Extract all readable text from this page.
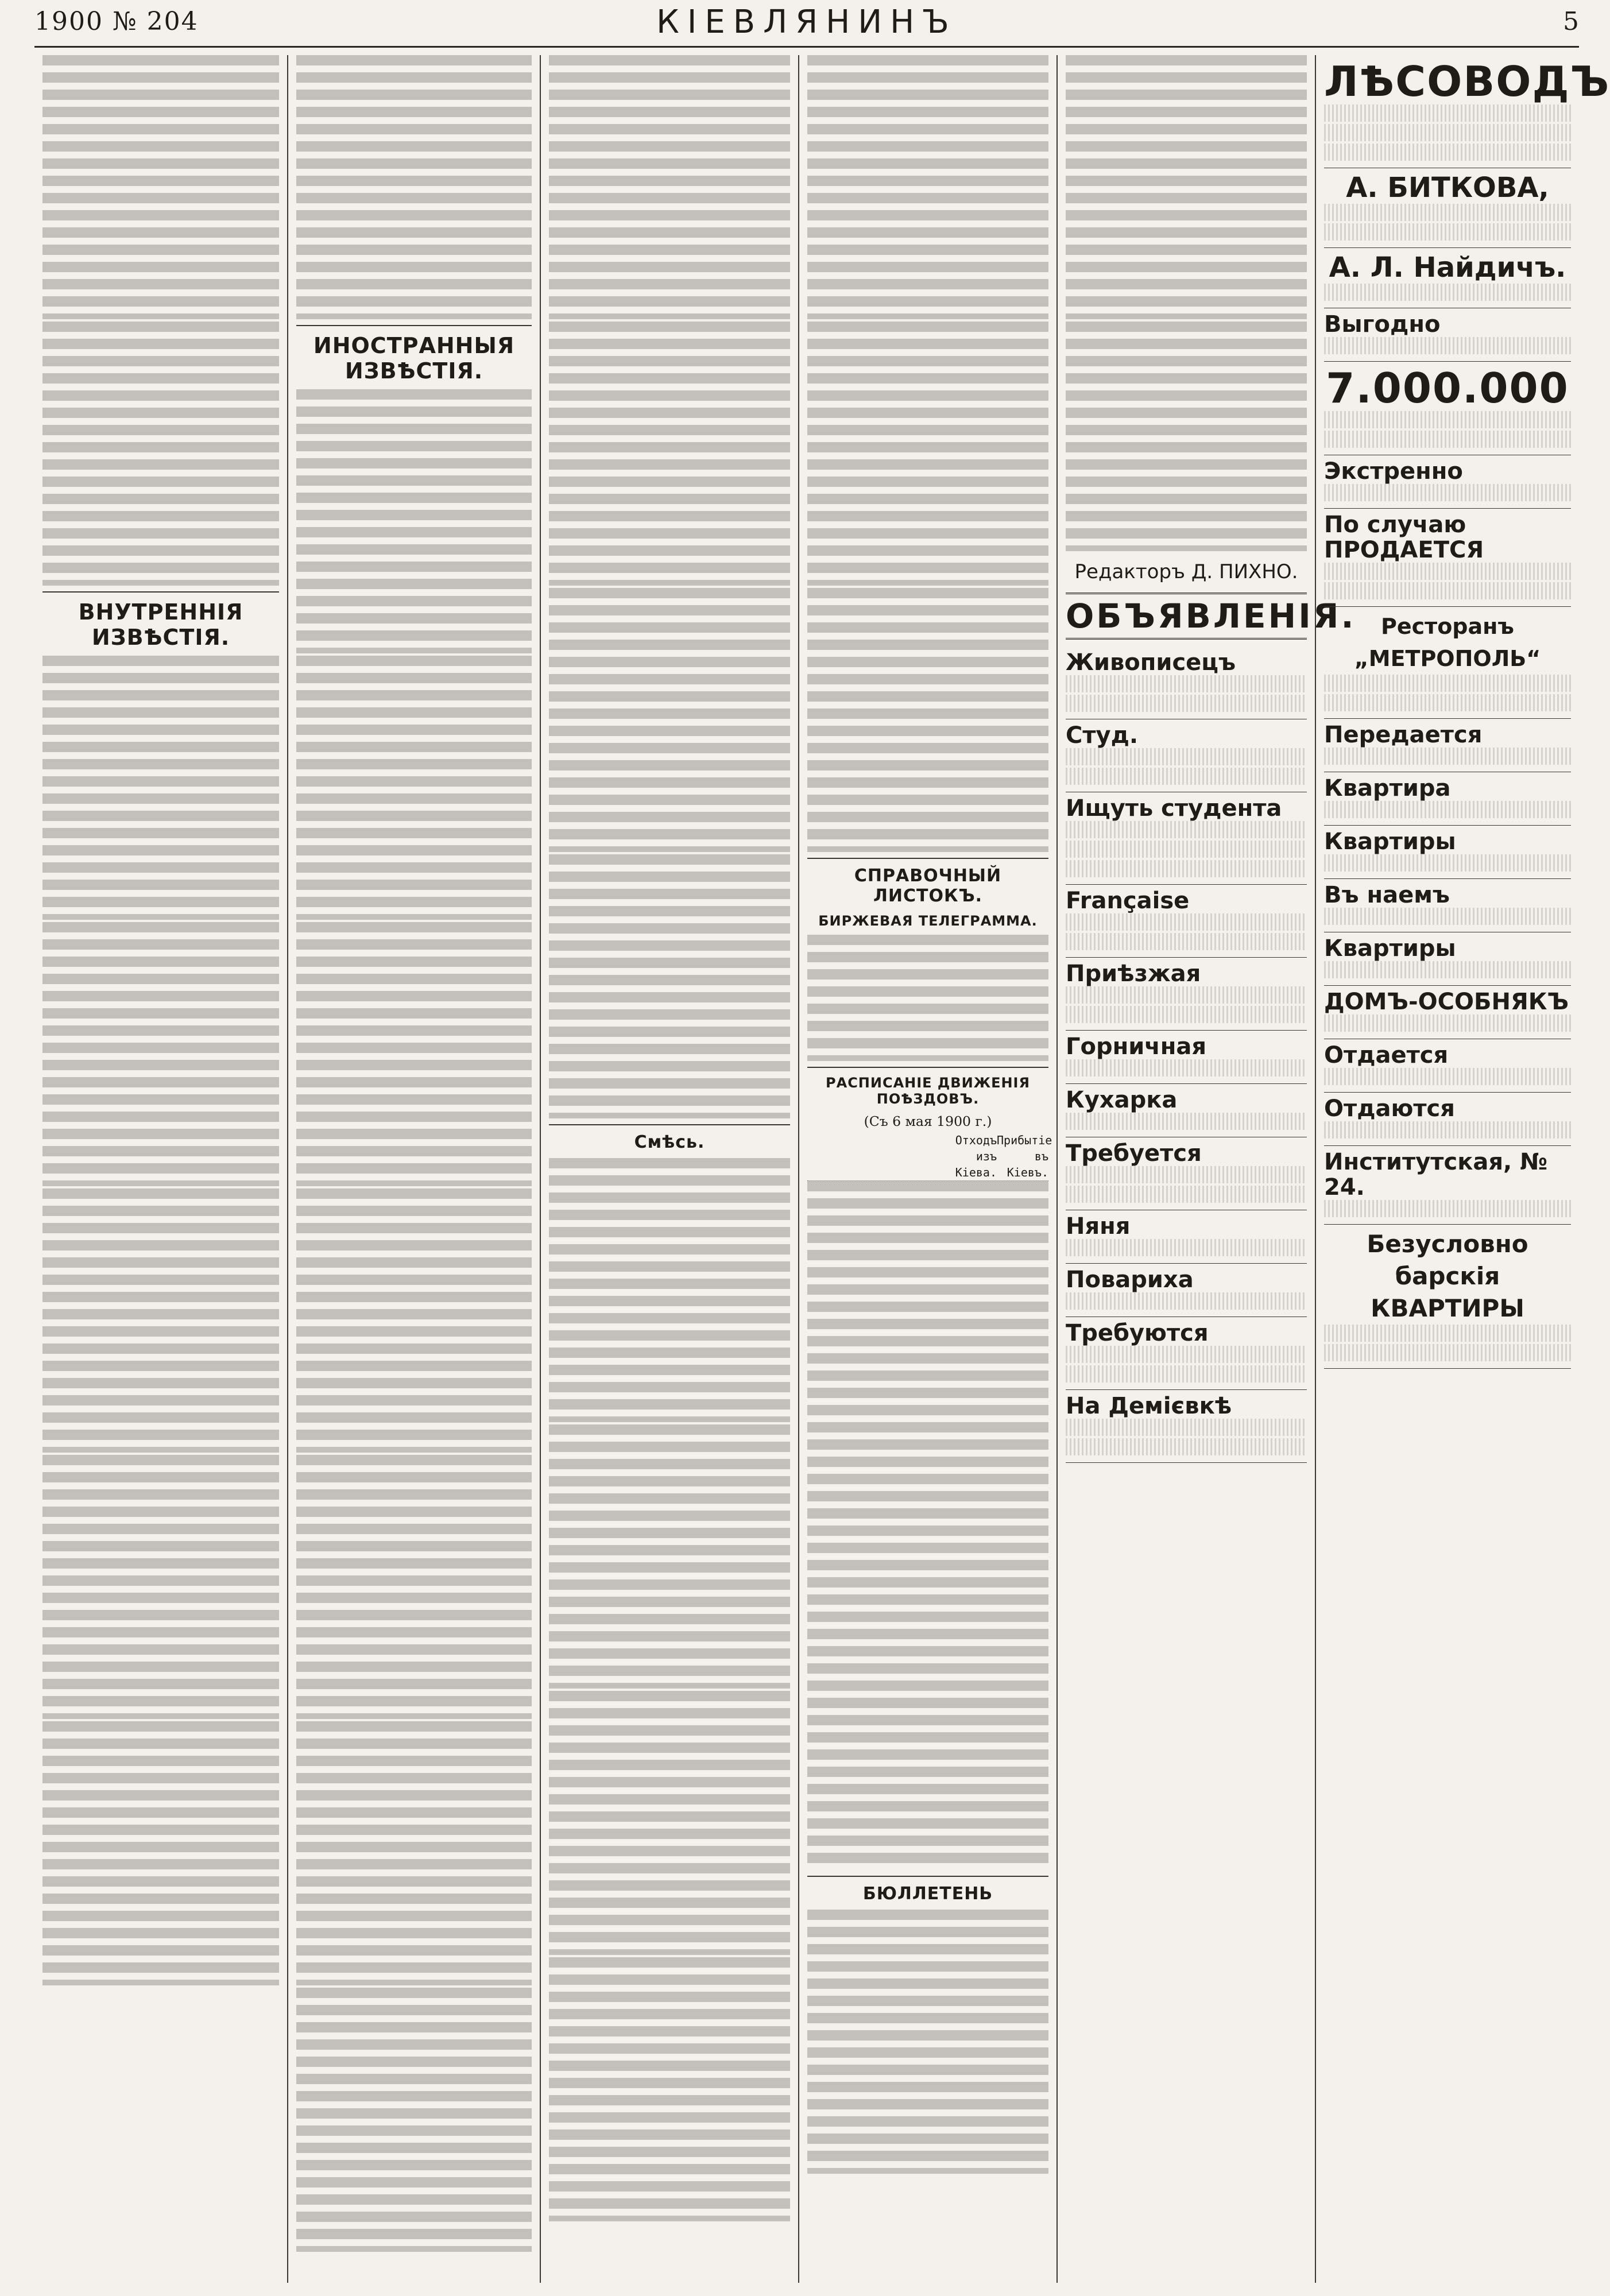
1900 № 204	КІЕВЛЯНИНЪ	5
ВНУТРЕННІЯ ИЗВѢСТІЯ.
ИНОСТРАННЫЯ ИЗВѢСТІЯ.
Смѣсь.
СПРАВОЧНЫЙ ЛИСТОКЪ.
БИРЖЕВАЯ ТЕЛЕГРАММА.
РАСПИСАНІЕ ДВИЖЕНІЯ ПОѢЗДОВЪ.
(Съ 6 мая 1900 г.)
Отходъ изъ Кіева.
Прибытіе въ Кіевъ.
БЮЛЛЕТЕНЬ
Редакторъ Д. ПИХНО.
ОБЪЯВЛЕНІЯ.
Живописецъ
Студ.
Ищуть студента
Française
Приѣзжая
Горничная
Кухарка
Требуется
Няня
Повариха
Требуются
На Демієвкѣ
ЛѢСОВОДЪ
А. БИТКОВА,
А. Л. Найдичъ.
Выгодно
7.000.000
Экстренно
По случаю ПРОДАЕТСЯ
Ресторанъ „МЕТРОПОЛЬ“
Передается
Квартира
Квартиры
Въ наемъ
Квартиры
ДОМЪ-ОСОБНЯКЪ
Отдается
Отдаются
Институтская, № 24.
Безусловно барскія КВАРТИРЫ
